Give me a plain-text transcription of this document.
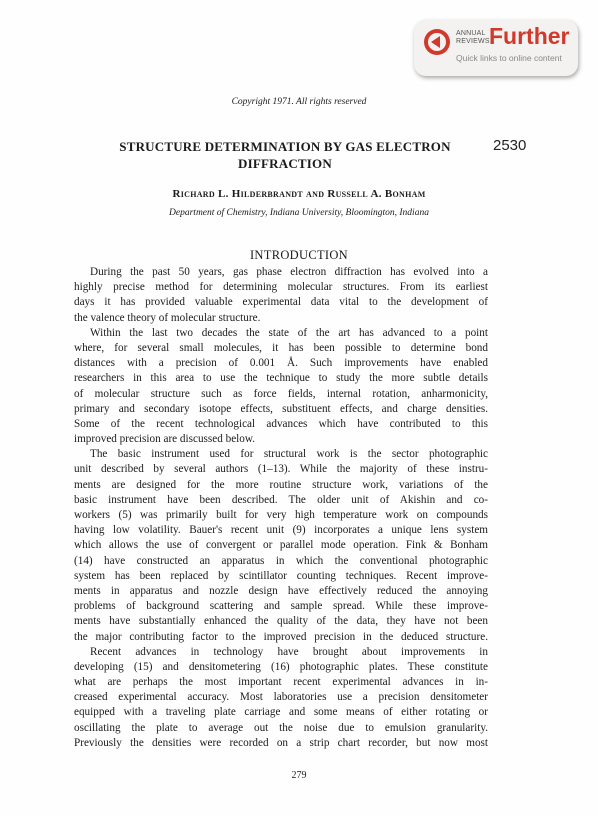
ANNUAL
REVIEWS Further
Quick links to online content
Copyright 1971. All rights reserved
STRUCTURE DETERMINATION BY GAS ELECTRON
DIFFRACTION
2530
Richard L. Hilderbrandt and Russell A. Bonham
Department of Chemistry, Indiana University, Bloomington, Indiana
INTRODUCTION
During the past 50 years, gas phase electron diffraction has evolved into a
highly precise method for determining molecular structures. From its earliest
days it has provided valuable experimental data vital to the development of
the valence theory of molecular structure.
Within the last two decades the state of the art has advanced to a point
where, for several small molecules, it has been possible to determine bond
distances with a precision of 0.001 Å. Such improvements have enabled
researchers in this area to use the technique to study the more subtle details
of molecular structure such as force fields, internal rotation, anharmonicity,
primary and secondary isotope effects, substituent effects, and charge densities.
Some of the recent technological advances which have contributed to this
improved precision are discussed below.
The basic instrument used for structural work is the sector photographic
unit described by several authors (1–13). While the majority of these instru-
ments are designed for the more routine structure work, variations of the
basic instrument have been described. The older unit of Akishin and co-
workers (5) was primarily built for very high temperature work on compounds
having low volatility. Bauer's recent unit (9) incorporates a unique lens system
which allows the use of convergent or parallel mode operation. Fink & Bonham
(14) have constructed an apparatus in which the conventional photographic
system has been replaced by scintillator counting techniques. Recent improve-
ments in apparatus and nozzle design have effectively reduced the annoying
problems of background scattering and sample spread. While these improve-
ments have substantially enhanced the quality of the data, they have not been
the major contributing factor to the improved precision in the deduced structure.
Recent advances in technology have brought about improvements in
developing (15) and densitometering (16) photographic plates. These constitute
what are perhaps the most important recent experimental advances in in-
creased experimental accuracy. Most laboratories use a precision densitometer
equipped with a traveling plate carriage and some means of either rotating or
oscillating the plate to average out the noise due to emulsion granularity.
Previously the densities were recorded on a strip chart recorder, but now most
279
